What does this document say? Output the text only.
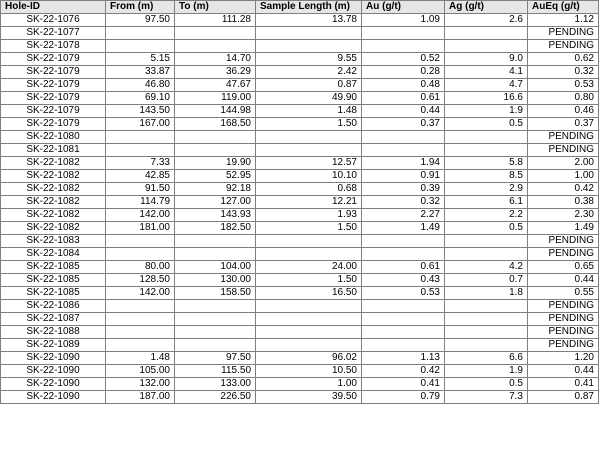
Hole-ID	From (m)	To (m)	Sample Length (m)	Au (g/t)	Ag (g/t)	AuEq (g/t)
SK-22-1076	97.50	111.28	13.78	1.09	2.6	1.12
SK-22-1077						PENDING
SK-22-1078						PENDING
SK-22-1079	5.15	14.70	9.55	0.52	9.0	0.62
SK-22-1079	33.87	36.29	2.42	0.28	4.1	0.32
SK-22-1079	46.80	47.67	0.87	0.48	4.7	0.53
SK-22-1079	69.10	119.00	49.90	0.61	16.6	0.80
SK-22-1079	143.50	144.98	1.48	0.44	1.9	0.46
SK-22-1079	167.00	168.50	1.50	0.37	0.5	0.37
SK-22-1080						PENDING
SK-22-1081						PENDING
SK-22-1082	7.33	19.90	12.57	1.94	5.8	2.00
SK-22-1082	42.85	52.95	10.10	0.91	8.5	1.00
SK-22-1082	91.50	92.18	0.68	0.39	2.9	0.42
SK-22-1082	114.79	127.00	12.21	0.32	6.1	0.38
SK-22-1082	142.00	143.93	1.93	2.27	2.2	2.30
SK-22-1082	181.00	182.50	1.50	1.49	0.5	1.49
SK-22-1083						PENDING
SK-22-1084						PENDING
SK-22-1085	80.00	104.00	24.00	0.61	4.2	0.65
SK-22-1085	128.50	130.00	1.50	0.43	0.7	0.44
SK-22-1085	142.00	158.50	16.50	0.53	1.8	0.55
SK-22-1086						PENDING
SK-22-1087						PENDING
SK-22-1088						PENDING
SK-22-1089						PENDING
SK-22-1090	1.48	97.50	96.02	1.13	6.6	1.20
SK-22-1090	105.00	115.50	10.50	0.42	1.9	0.44
SK-22-1090	132.00	133.00	1.00	0.41	0.5	0.41
SK-22-1090	187.00	226.50	39.50	0.79	7.3	0.87
